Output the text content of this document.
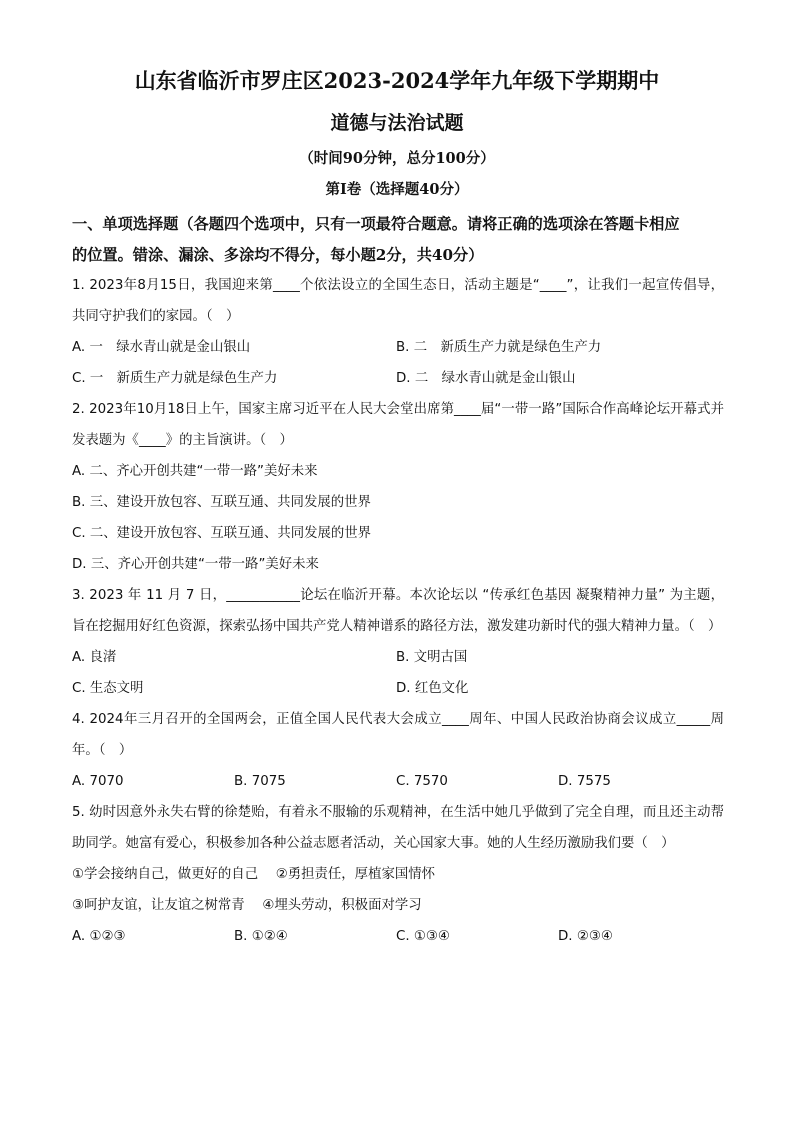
山东省临沂市罗庄区2023-2024学年九年级下学期期中
道德与法治试题
（时间90分钟，总分100分）
第Ⅰ卷（选择题40分）
一、单项选择题（各题四个选项中，只有一项最符合题意。请将正确的选项涂在答题卡相应
的位置。错涂、漏涂、多涂均不得分，每小题2分，共40分）

1. 2023年8月15日，我国迎来第____个依法设立的全国生态日，活动主题是“____”，让我们一起宣传倡导，共同守护我们的家园。（　）

A. 一　绿水青山就是金山银山	B. 二　新质生产力就是绿色生产力
C. 一　新质生产力就是绿色生产力	D. 二　绿水青山就是金山银山

2. 2023年10月18日上午，国家主席习近平在人民大会堂出席第____届“一带一路”国际合作高峰论坛开幕式并发表题为《____》的主旨演讲。（　）

A. 二、齐心开创共建“一带一路”美好未来
B. 三、建设开放包容、互联互通、共同发展的世界
C. 二、建设开放包容、互联互通、共同发展的世界
D. 三、齐心开创共建“一带一路”美好未来

3. 2023 年 11 月 7 日，___________论坛在临沂开幕。本次论坛以 “传承红色基因 凝聚精神力量” 为主题，旨在挖掘用好红色资源，探索弘扬中国共产党人精神谱系的路径方法，激发建功新时代的强大精神力量。（　）

A. 良渚	B. 文明古国
C. 生态文明	D. 红色文化

4. 2024年三月召开的全国两会，正值全国人民代表大会成立____周年、中国人民政治协商会议成立_____周年。（　）

A. 7070	B. 7075	C. 7570	D. 7575

5. 幼时因意外永失右臂的徐楚贻，有着永不服输的乐观精神，在生活中她几乎做到了完全自理，而且还主动帮助同学。她富有爱心，积极参加各种公益志愿者活动，关心国家大事。她的人生经历激励我们要（　）

①学会接纳自己，做更好的自己　 ②勇担责任，厚植家国情怀
③呵护友谊，让友谊之树常青　 ④埋头劳动，积极面对学习
A. ①②③	B. ①②④	C. ①③④	D. ②③④
